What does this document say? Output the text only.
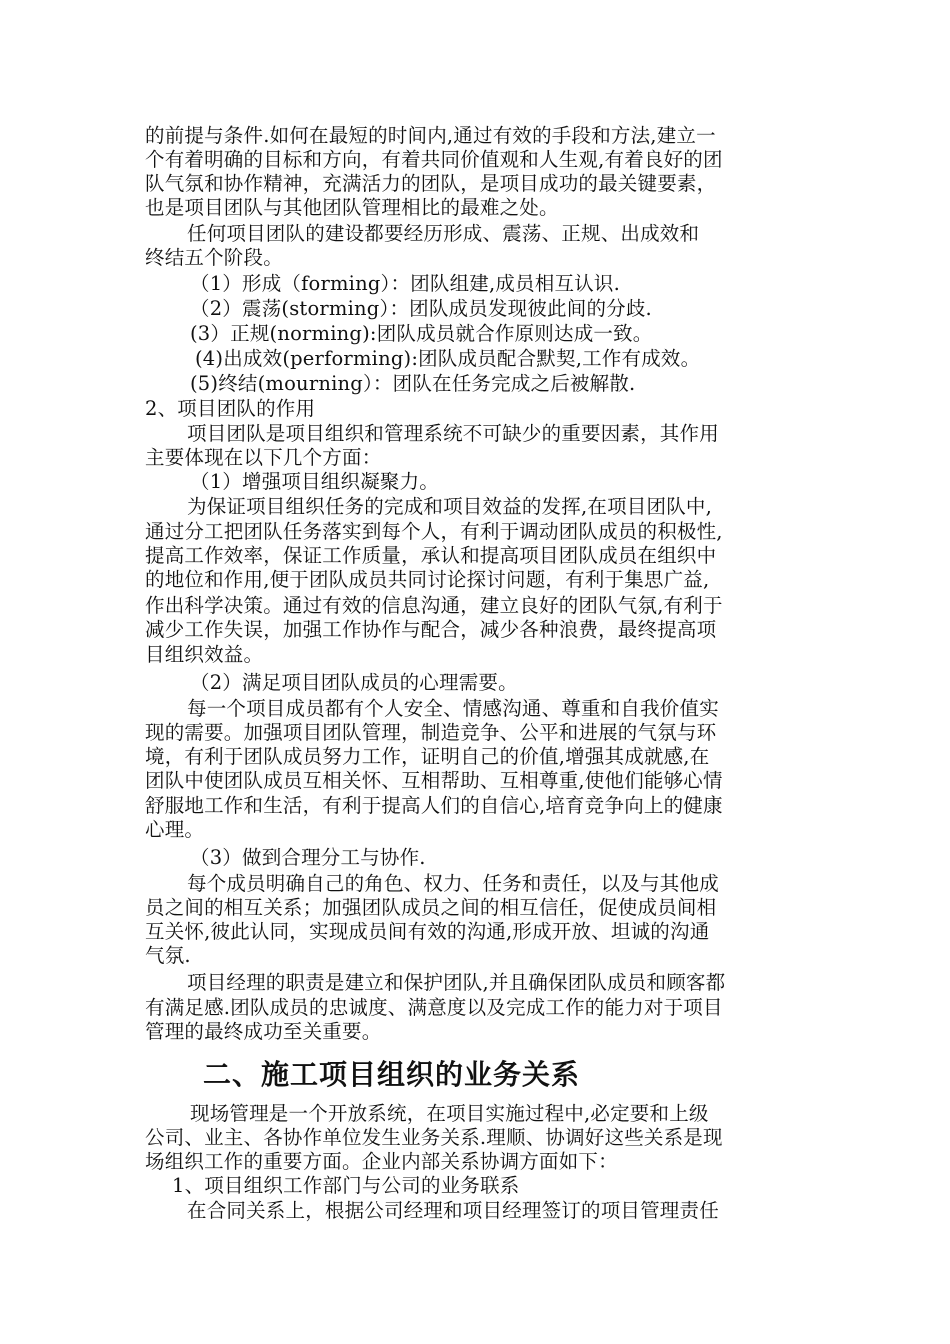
的前提与条件.如何在最短的时间内,通过有效的手段和方法,建立一
个有着明确的目标和方向，有着共同价值观和人生观,有着良好的团
队气氛和协作精神，充满活力的团队，是项目成功的最关键要素，
也是项目团队与其他团队管理相比的最难之处。
任何项目团队的建设都要经历形成、震荡、正规、出成效和
终结五个阶段。
（1）形成（forming）：团队组建,成员相互认识.
（2）震荡(storming）：团队成员发现彼此间的分歧.
(3）正规(norming):团队成员就合作原则达成一致。
(4)出成效(performing):团队成员配合默契,工作有成效。
(5)终结(mourning）：团队在任务完成之后被解散.
2、项目团队的作用
项目团队是项目组织和管理系统不可缺少的重要因素，其作用
主要体现在以下几个方面：
（1）增强项目组织凝聚力。
为保证项目组织任务的完成和项目效益的发挥,在项目团队中,
通过分工把团队任务落实到每个人，有利于调动团队成员的积极性,
提高工作效率，保证工作质量，承认和提高项目团队成员在组织中
的地位和作用,便于团队成员共同讨论探讨问题，有利于集思广益,
作出科学决策。通过有效的信息沟通，建立良好的团队气氛,有利于
减少工作失误，加强工作协作与配合，减少各种浪费，最终提高项
目组织效益。
（2）满足项目团队成员的心理需要。
每一个项目成员都有个人安全、情感沟通、尊重和自我价值实
现的需要。加强项目团队管理，制造竞争、公平和进展的气氛与环
境，有利于团队成员努力工作，证明自己的价值,增强其成就感,在
团队中使团队成员互相关怀、互相帮助、互相尊重,使他们能够心情
舒服地工作和生活，有利于提高人们的自信心,培育竞争向上的健康
心理。
（3）做到合理分工与协作.
每个成员明确自己的角色、权力、任务和责任，以及与其他成
员之间的相互关系；加强团队成员之间的相互信任，促使成员间相
互关怀,彼此认同，实现成员间有效的沟通,形成开放、坦诚的沟通
气氛.
项目经理的职责是建立和保护团队,并且确保团队成员和顾客都
有满足感.团队成员的忠诚度、满意度以及完成工作的能力对于项目
管理的最终成功至关重要。
二、施工项目组织的业务关系
现场管理是一个开放系统，在项目实施过程中,必定要和上级
公司、业主、各协作单位发生业务关系.理顺、协调好这些关系是现
场组织工作的重要方面。企业内部关系协调方面如下：
1、项目组织工作部门与公司的业务联系
在合同关系上，根据公司经理和项目经理签订的项目管理责任
